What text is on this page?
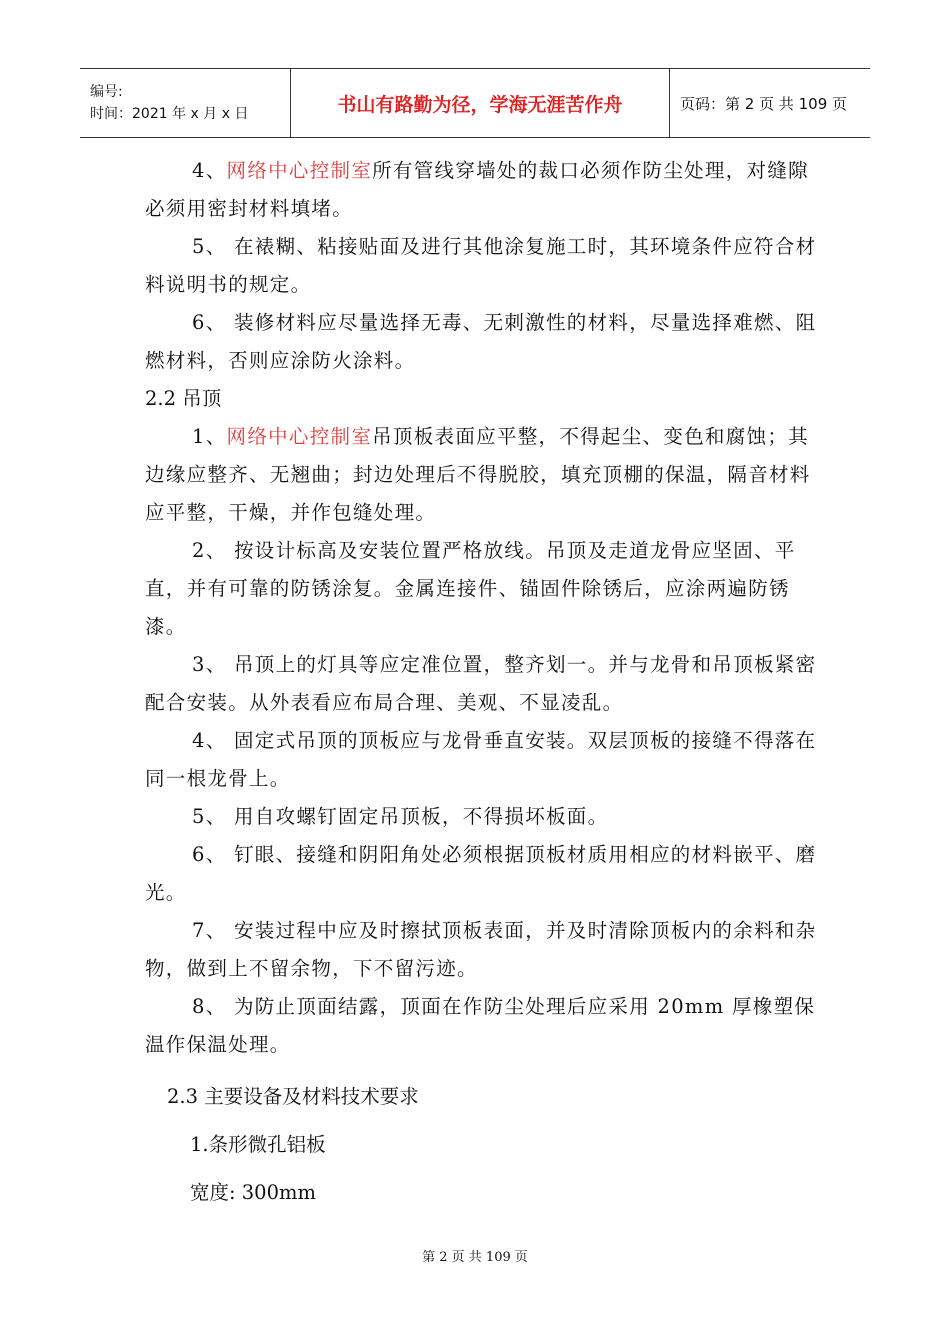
编号:
时间：2021 年 x 月 x 日	书山有路勤为径，学海无涯苦作舟	页码：第 2 页 共 109 页

4、网络中心控制室所有管线穿墙处的裁口必须作防尘处理，对缝隙必须用密封材料填堵。

5、 在裱糊、粘接贴面及进行其他涂复施工时，其环境条件应符合材料说明书的规定。

6、 装修材料应尽量选择无毒、无刺激性的材料，尽量选择难燃、阻燃材料，否则应涂防火涂料。

2.2 吊顶

1、网络中心控制室吊顶板表面应平整，不得起尘、变色和腐蚀；其边缘应整齐、无翘曲；封边处理后不得脱胶，填充顶棚的保温，隔音材料应平整，干燥，并作包缝处理。

2、 按设计标高及安装位置严格放线。吊顶及走道龙骨应坚固、平直，并有可靠的防锈涂复。金属连接件、锚固件除锈后，应涂两遍防锈漆。

3、 吊顶上的灯具等应定准位置，整齐划一。并与龙骨和吊顶板紧密配合安装。从外表看应布局合理、美观、不显凌乱。

4、 固定式吊顶的顶板应与龙骨垂直安装。双层顶板的接缝不得落在同一根龙骨上。

5、 用自攻螺钉固定吊顶板，不得损坏板面。

6、 钉眼、接缝和阴阳角处必须根据顶板材质用相应的材料嵌平、磨光。

7、 安装过程中应及时擦拭顶板表面，并及时清除顶板内的余料和杂物，做到上不留余物，下不留污迹。

8、 为防止顶面结露，顶面在作防尘处理后应采用 20mm 厚橡塑保温作保温处理。

2.3 主要设备及材料技术要求

1.条形微孔铝板

宽度: 300mm

第 2 页 共 109 页
